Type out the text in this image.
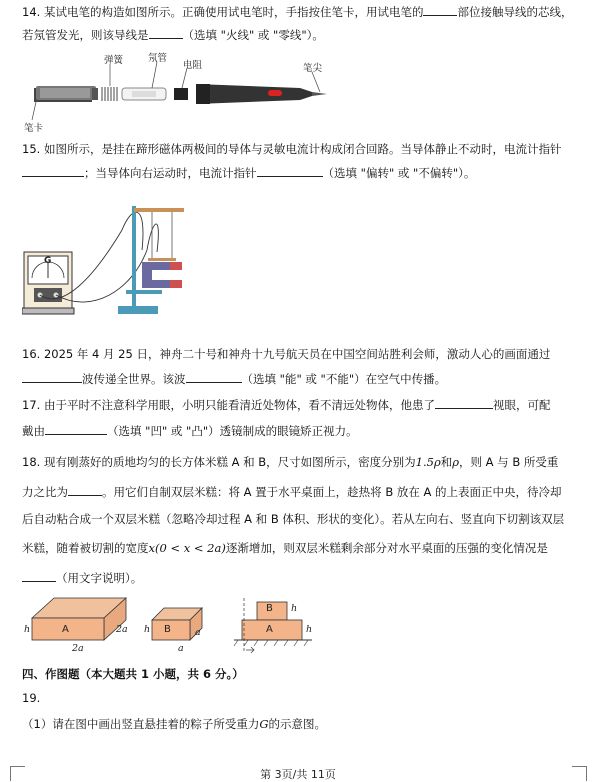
14. 某试电笔的构造如图所示。正确使用试电笔时，手指按住笔卡，用试电笔的	部位接触导线的芯线，
若氖管发光，则该导线是	（选填 "火线" 或 "零线"）。
弹簧	氖管
电阻	笔尖
笔卡
15. 如图所示，是挂在蹄形磁体两极间的导体与灵敏电流计构成闭合回路。当导体静止不动时，电流计指针
；当导体向右运动时，电流计指针	（选填 "偏转" 或 "不偏转"）。
G
16. 2025 年 4 月 25 日，神舟二十号和神舟十九号航天员在中国空间站胜利会师，激动人心的画面通过
波传递全世界。该波	（选填 "能" 或 "不能"）在空气中传播。
17. 由于平时不注意科学用眼，小明只能看清近处物体，看不清远处物体，他患了	视眼，可配
戴由	（选填 "凹" 或 "凸"）透镜制成的眼镜矫正视力。
18. 现有刚蒸好的质地均匀的长方体米糕 A 和 B，尺寸如图所示，密度分别为1.5ρ和ρ，则 A 与 B 所受重
力之比为	。用它们自制双层米糕：将 A 置于水平桌面上，趁热将 B 放在 A 的上表面正中央，待冷却
后自动粘合成一个双层米糕（忽略冷却过程 A 和 B 体积、形状的变化）。若从左向右、竖直向下切割该双层
米糕，随着被切割的宽度x(0 < x < 2a)逐渐增加，则双层米糕剩余部分对水平桌面的压强的变化情况是
（用文字说明）。
h	A	2a
2a
h B	a
a
B
A
h
h
四、作图题（本大题共 1 小题，共 6 分。）
19.
（1）请在图中画出竖直悬挂着的粽子所受重力G的示意图。
第 3页/共 11页
